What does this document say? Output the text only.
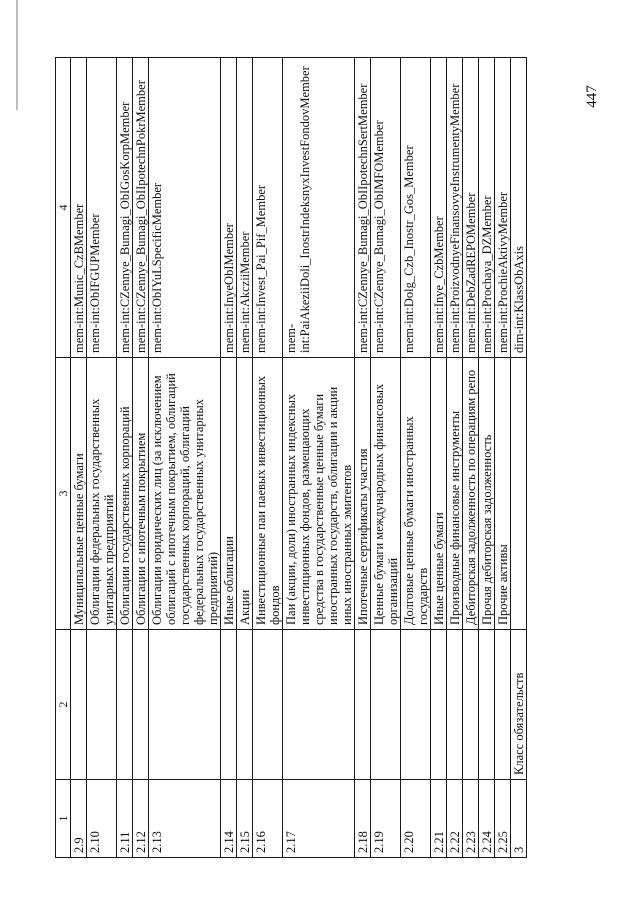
1	2	3	4
2.9		Муниципальные ценные бумаги	mem-int:Munic_CzBMember
2.10		Облигации федеральных государственных унитарных предприятий	mem-int:ObIFGUPMember
2.11		Облигации государственных корпораций	mem-int:CZennye_Bumagi_ObIGosKorpMember
2.12		Облигации с ипотечным покрытием	mem-int:CZennye_Bumagi_ObIIpotechnPokrMember
2.13		Облигации юридических лиц (за исключением облигаций с ипотечным покрытием, облигаций государственных корпораций, облигаций федеральных государственных унитарных предприятий)	mem-int:ObIYuLSpecificMember
2.14		Иные облигации	mem-int:InyeObIMember
2.15		Акции	mem-int:AkcziiMember
2.16		Инвестиционные паи паевых инвестиционных фондов	mem-int:Invest_Pai_Pif_Member
2.17		Паи (акции, доли) иностранных индексных инвестиционных фондов, размещающих средства в государственные ценные бумаги иностранных государств, облигации и акции иных иностранных эмитентов	mem-int:PaiAkeziiDoli_InostrIndeksnyxInvestFondovMember
2.18		Ипотечные сертификаты участия	mem-int:CZennye_Bumagi_ObIIpotechnSertMember
2.19		Ценные бумаги международных финансовых организаций	mem-int:CZennye_Bumagi_ObIMFOMember
2.20		Долговые ценные бумаги иностранных государств	mem-int:Dolg_Czb_Inostr_Gos_Member
2.21		Иные ценные бумаги	mem-int:Inye_CzbMember
2.22		Производные финансовые инструменты	mem-int:ProizvodnyeFinansovyeInstrumentyMember
2.23		Дебиторская задолженность по операциям репо	mem-int:DebZadREPOMember
2.24		Прочая дебиторская задолженность	mem-int:Prochaya_DZMember
2.25		Прочие активы	mem-int:ProchieAktivyMember
3	Класс обязательств		dim-int:KlassObAxis
447
